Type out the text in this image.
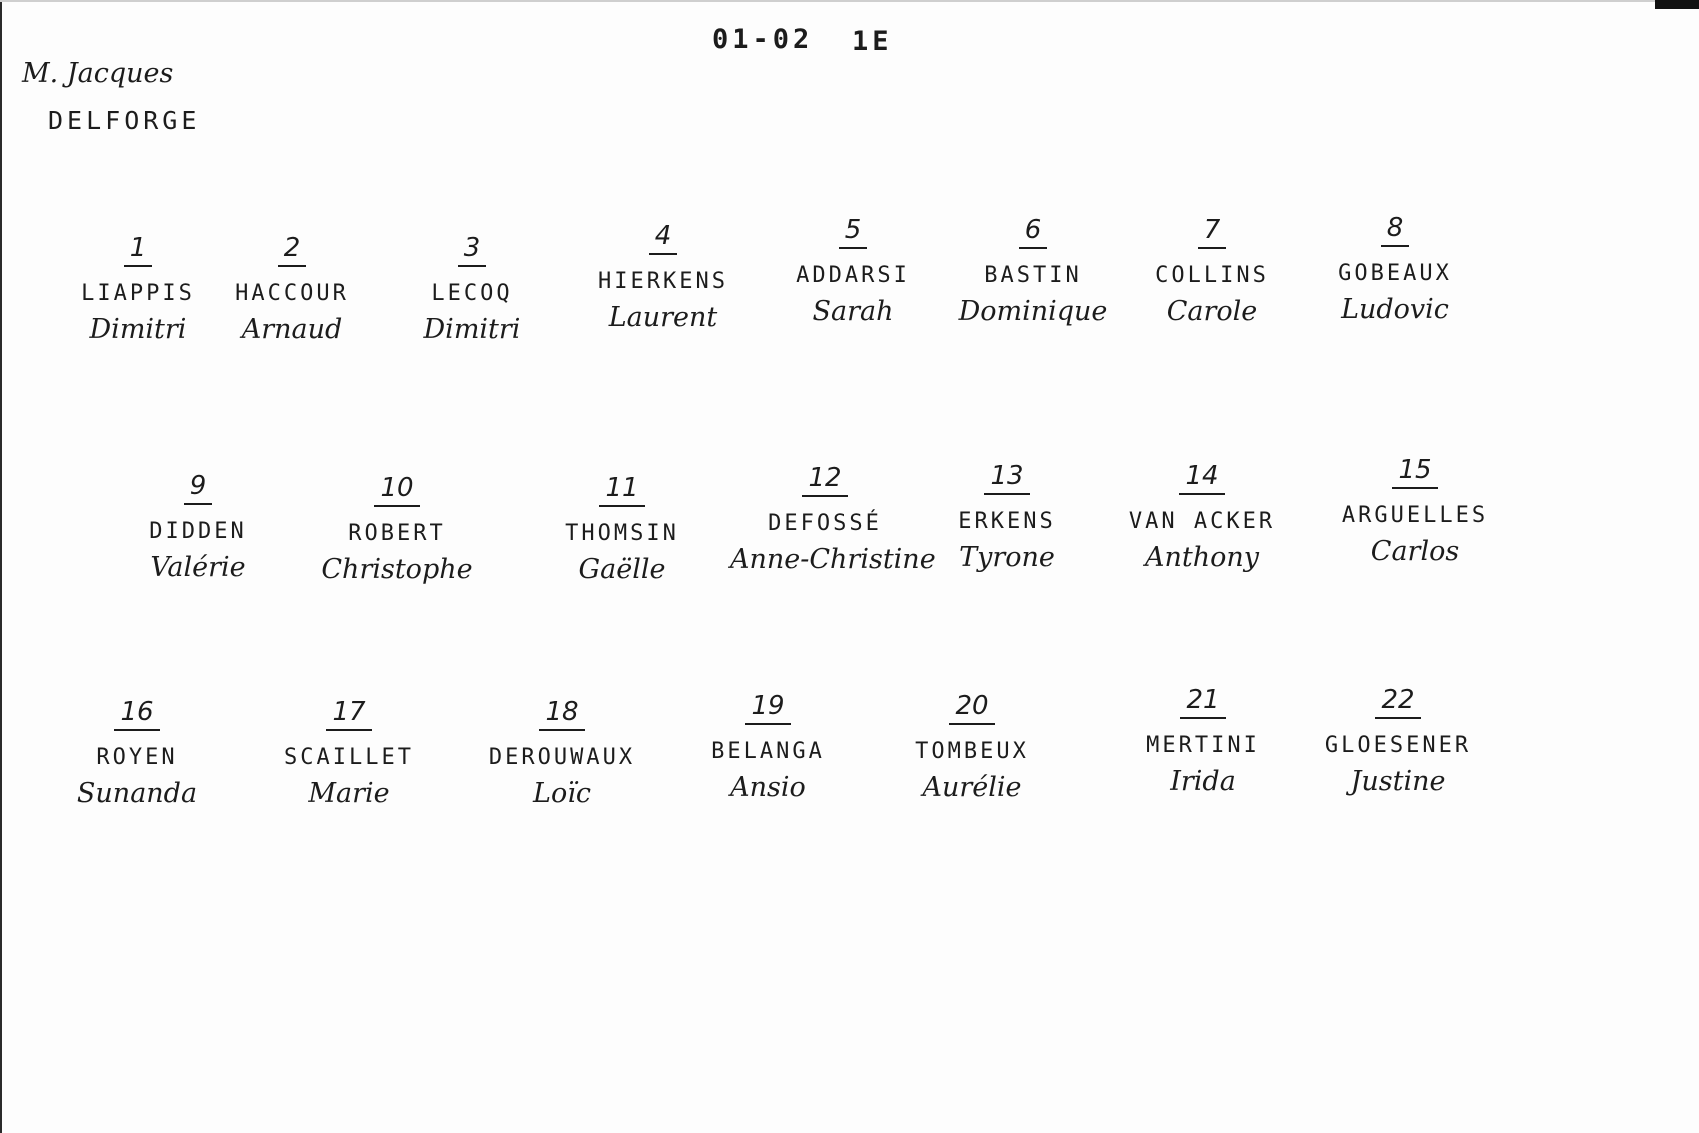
01-02 1E
M. Jacques
DELFORGE
1
LIAPPIS
Dimitri
2
HACCOUR
Arnaud
3
LECOQ
Dimitri
4
HIERKENS
Laurent
5
ADDARSI
Sarah
6
BASTIN
Dominique
7
COLLINS
Carole
8
GOBEAUX
Ludovic
9
DIDDEN
Valérie
10
ROBERT
Christophe
11
THOMSIN
Gaëlle
12
DEFOSSÉ
Anne-Christine
13
ERKENS
Tyrone
14
VAN ACKER
Anthony
15
ARGUELLES
Carlos
16
ROYEN
Sunanda
17
SCAILLET
Marie
18
DEROUWAUX
Loïc
19
BELANGA
Ansio
20
TOMBEUX
Aurélie
21
MERTINI
Irida
22
GLOESENER
Justine
